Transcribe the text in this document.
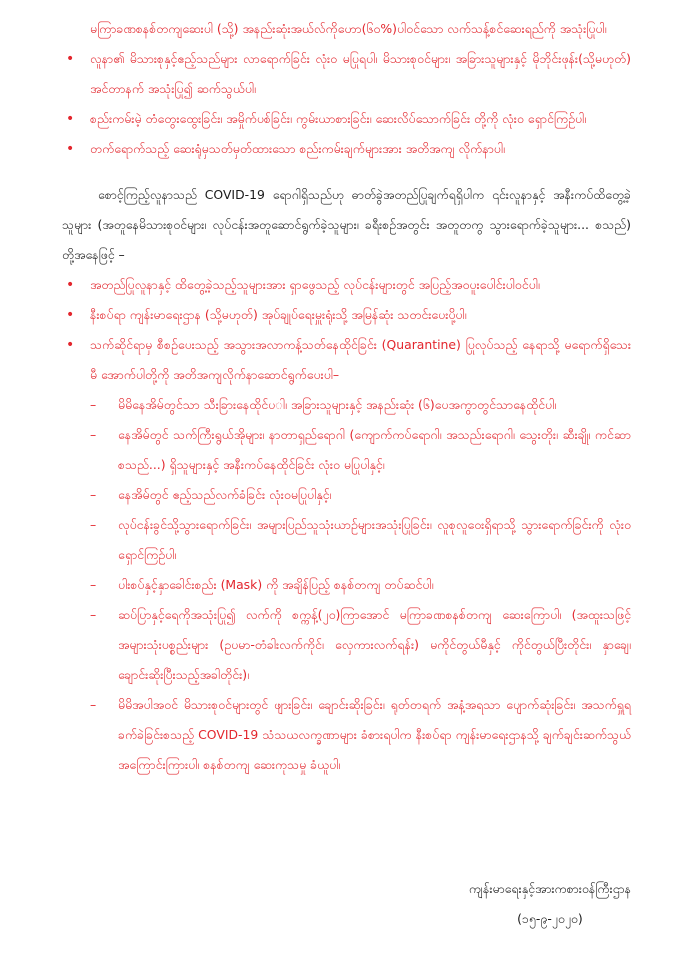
မကြာခဏစနစ်တကျဆေးပါ (သို့) အနည်းဆုံးအယ်လ်ကိုဟော(၆၀%)ပါဝင်သော လက်သန့်စင်ဆေးရည်ကို အသုံးပြုပါ၊
• လူနာ၏ မိသားစုနှင့်ဧည့်သည်များ လာရောက်ခြင်း လုံးဝ မပြုရပါ၊ မိသားစုဝင်များ၊ အခြားသူများနှင့် မိုဘိုင်းဖုန်း(သို့မဟုတ်) အင်တာနက် အသုံးပြု၍ ဆက်သွယ်ပါ၊
• စည်းကမ်းမဲ့ တံတွေးထွေးခြင်း၊ အမှိုက်ပစ်ခြင်း၊ ကွမ်းယာစားခြင်း၊ ဆေးလိပ်သောက်ခြင်း တို့ကို လုံးဝ ရှောင်ကြဉ်ပါ၊
• တက်ရောက်သည့် ဆေးရုံမှသတ်မှတ်ထားသော စည်းကမ်းချက်များအား အတိအကျ လိုက်နာပါ၊
စောင့်ကြည့်လူနာသည် COVID-19 ရောဂါရှိသည်ဟု ဓာတ်ခွဲအတည်ပြုချက်ရရှိပါက ၎င်းလူနာနှင့် အနီးကပ်ထိတွေ့ခဲ့သူများ (အတူနေမိသားစုဝင်များ၊ လုပ်ငန်းအတူဆောင်ရွက်ခဲ့သူများ၊ ခရီးစဉ်အတွင်း အတူတကွ သွားရောက်ခဲ့သူများ... စသည်) တို့အနေဖြင့် –
• အတည်ပြုလူနာနှင့် ထိတွေ့ခဲ့သည့်သူများအား ရှာဖွေသည့် လုပ်ငန်းများတွင် အပြည့်အဝပူးပေါင်းပါဝင်ပါ၊
• နီးစပ်ရာ ကျန်းမာရေးဌာန (သို့မဟုတ်) အုပ်ချုပ်ရေးမှူးရုံးသို့ အမြန်ဆုံး သတင်းပေးပို့ပါ၊
• သက်ဆိုင်ရာမှ စီစဉ်ပေးသည့် အသွားအလာကန့်သတ်နေထိုင်ခြင်း (Quarantine) ပြုလုပ်သည့် နေရာသို့ မရောက်ရှိသေးမီ အောက်ပါတို့ကို အတိအကျလိုက်နာဆောင်ရွက်ပေးပါ–
– မိမိနေအိမ်တွင်သာ သီးခြားနေထိုင်ပ​ါ၊ အခြားသူများနှင့် အနည်းဆုံး (၆)ပေအကွာတွင်သာနေထိုင်ပါ၊
– နေအိမ်တွင် သက်ကြီးရွယ်အိုများ၊ နာတာရှည်ရောဂါ (ကျောက်ကပ်ရောဂါ၊ အသည်းရောဂါ၊ သွေးတိုး၊ ဆီးချို၊ ကင်ဆာစသည်...) ရှိသူများနှင့် အနီးကပ်နေထိုင်ခြင်း လုံးဝ မပြုပါနှင့်၊
– နေအိမ်တွင် ဧည့်သည်လက်ခံခြင်း လုံးဝမပြုပါနှင့်၊
– လုပ်ငန်းခွင်သို့သွားရောက်ခြင်း၊ အများပြည်သူသုံးယာဉ်များအသုံးပြုခြင်း၊ လူစုလူဝေးရှိရာသို့ သွားရောက်ခြင်းကို လုံးဝရှောင်ကြဉ်ပါ၊
– ပါးစပ်နှင့်နှာခေါင်းစည်း (Mask) ကို အချိန်ပြည့် စနစ်တကျ တပ်ဆင်ပါ၊
– ဆပ်ပြာနှင့်ရေကိုအသုံးပြု၍ လက်ကို စက္ကန့်(၂၀)ကြာအောင် မကြာခဏစနစ်တကျ ဆေးကြောပါ၊ (အထူးသဖြင့် အများသုံးပစ္စည်းများ (ဥပမာ-တံခါးလက်ကိုင်၊ လှေကားလက်ရန်း) မကိုင်တွယ်မီနှင့် ကိုင်တွယ်ပြီးတိုင်း၊ နှာချေ၊ ချောင်းဆိုးပြီးသည့်အခါတိုင်း)၊
– မိမိအပါအဝင် မိသားစုဝင်များတွင် ဖျားခြင်း၊ ချောင်းဆိုးခြင်း၊ ရုတ်တရက် အနံ့အရသာ ပျောက်ဆုံးခြင်း၊ အသက်ရှူရခက်ခဲခြင်းစသည့် COVID-19 သံသယလက္ခဏာများ ခံစားရပါက နီးစပ်ရာ ကျန်းမာရေးဌာနသို့ ချက်ချင်းဆက်သွယ်အကြောင်းကြားပါ၊ စနစ်တကျ ဆေးကုသမှု ခံယူပါ၊
ကျန်းမာရေးနှင့်အားကစားဝန်ကြီးဌာန
(၁၅-၉-၂၀၂၀)
